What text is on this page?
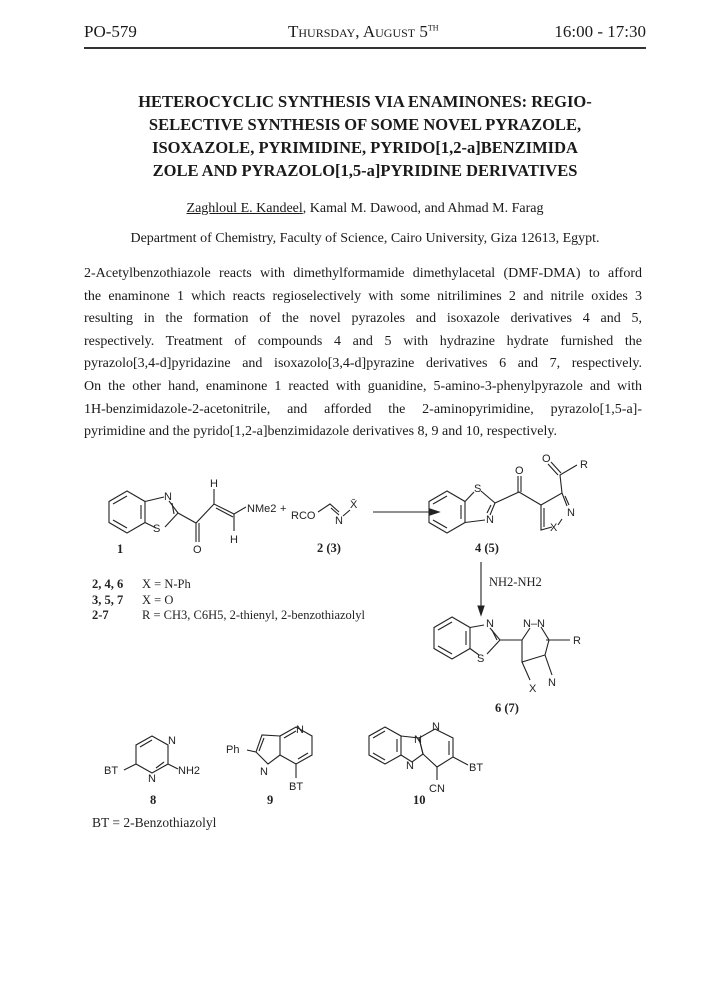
PO-579	Thursday, August 5TH	16:00 - 17:30
HETEROCYCLIC SYNTHESIS VIA ENAMINONES: REGIO-
SELECTIVE SYNTHESIS OF SOME NOVEL PYRAZOLE,
ISOXAZOLE, PYRIMIDINE, PYRIDO[1,2-a]BENZIMIDA
ZOLE AND PYRAZOLO[1,5-a]PYRIDINE DERIVATIVES
Zaghloul E. Kandeel, Kamal M. Dawood, and Ahmad M. Farag
Department of Chemistry, Faculty of Science, Cairo University, Giza 12613, Egypt.
2-Acetylbenzothiazole reacts with dimethylformamide dimethylacetal (DMF-DMA) to afford
the enaminone 1 which reacts regioselectively with some nitrilimines 2 and nitrile oxides 3
resulting in the formation of the novel pyrazoles and isoxazole derivatives 4 and 5,
respectively. Treatment of compounds 4 and 5 with hydrazine hydrate furnished the
pyrazolo[3,4-d]pyridazine and isoxazolo[3,4-d]pyrazine derivatives 6 and 7, respectively.
On the other hand, enaminone 1 reacted with guanidine, 5-amino-3-phenylpyrazole and with
1H-benzimidazole-2-acetonitrile, and afforded the 2-aminopyrimidine, pyrazolo[1,5-a]-
pyrimidine and the pyrido[1,2-a]benzimidazole derivatives 8, 9 and 10, respectively.
N
S
O
H
H
NMe2 +
RCO N
X̄
S
N
O
O	R
N
X
1	2 (3)	4 (5)
NH2-NH2
2, 4, 6 X = N-Ph
3, 5, 7 X = O
2-7	R = CH3, C6H5, 2-thienyl, 2-benzothiazolyl
N
S
N–N
R
N
X
6 (7)
N
N
BT	NH2
8
N
N
Ph
BT
9
N
N
N	BT
CN
10
BT = 2-Benzothiazolyl
